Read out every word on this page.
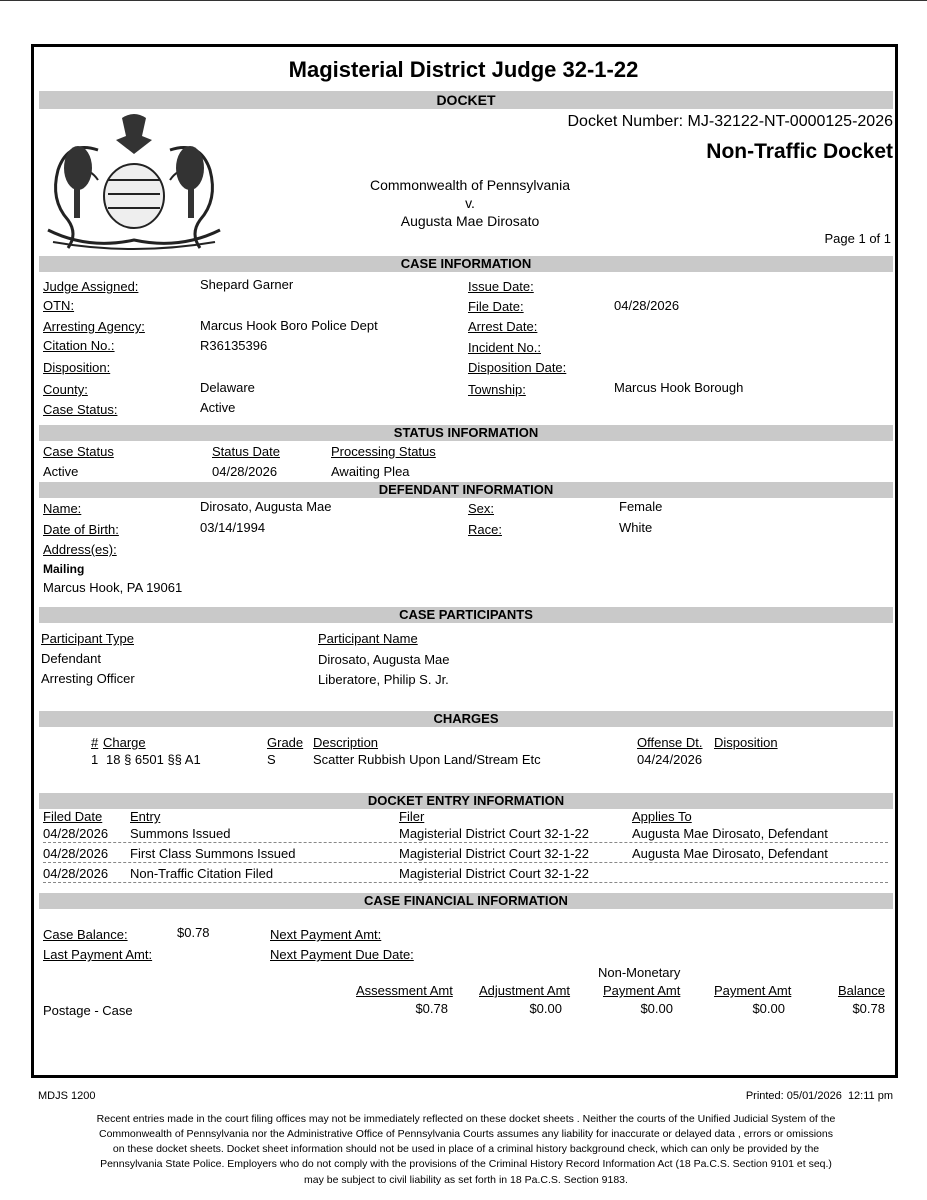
Magisterial District Judge 32-1-22
DOCKET
Docket Number: MJ-32122-NT-0000125-2026
Non-Traffic Docket
Commonwealth of Pennsylvania
v.
Augusta Mae Dirosato
Page 1 of 1
CASE INFORMATION
Judge Assigned:	Shepard Garner	Issue Date:
OTN:	File Date:	04/28/2026
Arresting Agency:	Marcus Hook Boro Police Dept	Arrest Date:
Citation No.:	R36135396	Incident No.:
Disposition:	Disposition Date:
County:	Delaware	Township:	Marcus Hook Borough
Case Status:	Active
STATUS INFORMATION
Case Status	Status Date	Processing Status
Active	04/28/2026	Awaiting Plea
DEFENDANT INFORMATION
Name:	Dirosato, Augusta Mae	Sex:	Female
Date of Birth:	03/14/1994	Race:	White
Address(es):
Mailing
Marcus Hook, PA 19061
CASE PARTICIPANTS
Participant Type	Participant Name
Defendant	Dirosato, Augusta Mae
Arresting Officer	Liberatore, Philip S. Jr.
CHARGES
# Charge	Grade Description	Offense Dt. Disposition
1 18 § 6501 §§ A1	S	Scatter Rubbish Upon Land/Stream Etc	04/24/2026
DOCKET ENTRY INFORMATION
Filed Date Entry	Filer	Applies To
04/28/2026 Summons Issued	Magisterial District Court 32-1-22	Augusta Mae Dirosato, Defendant
04/28/2026 First Class Summons Issued	Magisterial District Court 32-1-22	Augusta Mae Dirosato, Defendant
04/28/2026 Non-Traffic Citation Filed	Magisterial District Court 32-1-22
CASE FINANCIAL INFORMATION
Case Balance:	$0.78	Next Payment Amt:
Last Payment Amt:	Next Payment Due Date:
Non-Monetary
Assessment Amt Adjustment Amt	Payment Amt	Payment Amt	Balance
Postage - Case	$0.78	$0.00	$0.00	$0.00	$0.78
MDJS 1200	Printed: 05/01/2026  12:11 pm
Recent entries made in the court filing offices may not be immediately reflected on these docket sheets . Neither the courts of the Unified Judicial System of the
Commonwealth of Pennsylvania nor the Administrative Office of Pennsylvania Courts assumes any liability for inaccurate or delayed data , errors or omissions
on these docket sheets. Docket sheet information should not be used in place of a criminal history background check, which can only be provided by the
Pennsylvania State Police. Employers who do not comply with the provisions of the Criminal History Record Information Act (18 Pa.C.S. Section 9101 et seq.)
may be subject to civil liability as set forth in 18 Pa.C.S. Section 9183.
